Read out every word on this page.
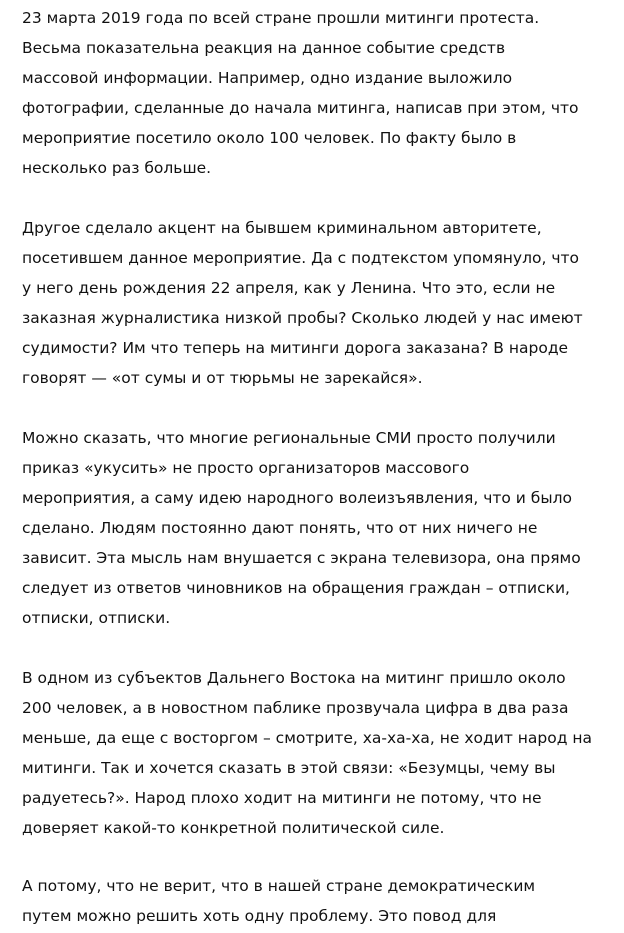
23 марта 2019 года по всей стране прошли митинги протеста.
Весьма показательна реакция на данное событие средств
массовой информации. Например, одно издание выложило
фотографии, сделанные до начала митинга, написав при этом, что
мероприятие посетило около 100 человек. По факту было в
несколько раз больше.
Другое сделало акцент на бывшем криминальном авторитете,
посетившем данное мероприятие. Да с подтекстом упомянуло, что
у него день рождения 22 апреля, как у Ленина. Что это, если не
заказная журналистика низкой пробы? Сколько людей у нас имеют
судимости? Им что теперь на митинги дорога заказана? В народе
говорят — «от сумы и от тюрьмы не зарекайся».
Можно сказать, что многие региональные СМИ просто получили
приказ «укусить» не просто организаторов массового
мероприятия, а саму идею народного волеизъявления, что и было
сделано. Людям постоянно дают понять, что от них ничего не
зависит. Эта мысль нам внушается с экрана телевизора, она прямо
следует из ответов чиновников на обращения граждан – отписки,
отписки, отписки.
В одном из субъектов Дальнего Востока на митинг пришло около
200 человек, а в новостном паблике прозвучала цифра в два раза
меньше, да еще с восторгом – смотрите, ха-ха-ха, не ходит народ на
митинги. Так и хочется сказать в этой связи: «Безумцы, чему вы
радуетесь?». Народ плохо ходит на митинги не потому, что не
доверяет какой-то конкретной политической силе.
А потому, что не верит, что в нашей стране демократическим
путем можно решить хоть одну проблему. Это повод для
